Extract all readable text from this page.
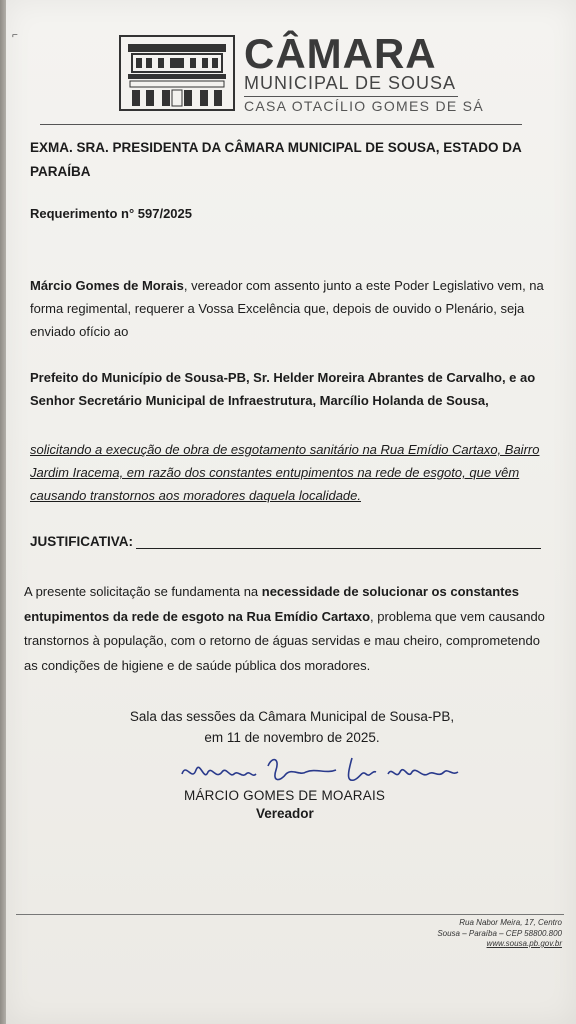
⌐	CÂMARA
MUNICIPAL DE SOUSA
CASA OTACÍLIO GOMES DE SÁ
EXMA. SRA. PRESIDENTA DA CÂMARA MUNICIPAL DE SOUSA, ESTADO DA PARAÍBA
Requerimento n° 597/2025
Márcio Gomes de Morais, vereador com assento junto a este Poder Legislativo vem, na forma regimental, requerer a Vossa Excelência que, depois de ouvido o Plenário, seja enviado ofício ao
Prefeito do Município de Sousa-PB, Sr. Helder Moreira Abrantes de Carvalho, e ao Senhor Secretário Municipal de Infraestrutura, Marcílio Holanda de Sousa,
solicitando a execução de obra de esgotamento sanitário na Rua Emídio Cartaxo, Bairro Jardim Iracema, em razão dos constantes entupimentos na rede de esgoto, que vêm causando transtornos aos moradores daquela localidade.
JUSTIFICATIVA:
A presente solicitação se fundamenta na necessidade de solucionar os constantes entupimentos da rede de esgoto na Rua Emídio Cartaxo, problema que vem causando transtornos à população, com o retorno de águas servidas e mau cheiro, comprometendo as condições de higiene e de saúde pública dos moradores.
Sala das sessões da Câmara Municipal de Sousa-PB,
em 11 de novembro de 2025.
MÁRCIO GOMES DE MOARAIS
Vereador
Rua Nabor Meira, 17, Centro
Sousa – Paraíba – CEP 58800.800
www.sousa.pb.gov.br
